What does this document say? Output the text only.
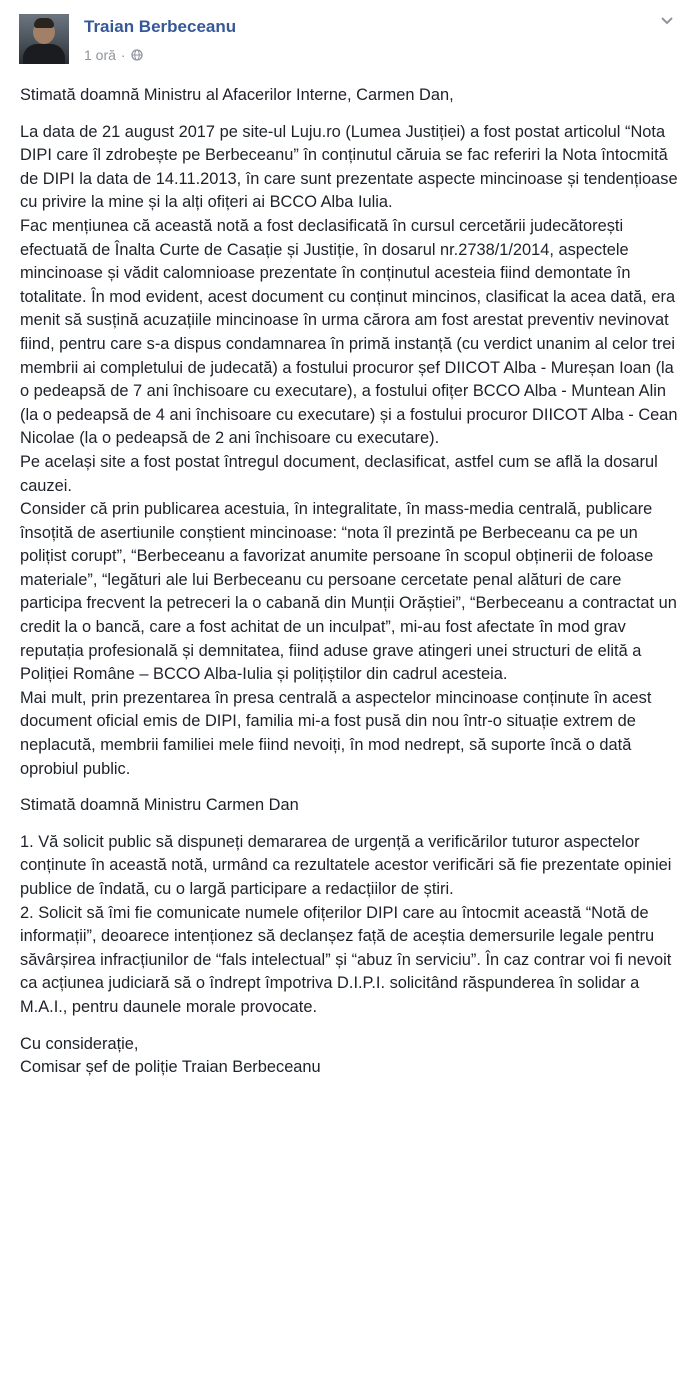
Traian Berbeceanu
1 oră ·

Stimată doamnă Ministru al Afacerilor Interne, Carmen Dan,

La data de 21 august 2017 pe site-ul Luju.ro (Lumea Justiției) a fost postat articolul “Nota DIPI care îl zdrobește pe Berbeceanu” în conținutul căruia se fac referiri la Nota întocmită de DIPI la data de 14.11.2013, în care sunt prezentate aspecte mincinoase și tendențioase cu privire la mine și la alți ofițeri ai BCCO Alba Iulia.

Fac mențiunea că această notă a fost declasificată în cursul cercetării judecătorești efectuată de Înalta Curte de Casație și Justiție, în dosarul nr.2738/1/2014, aspectele mincinoase și vădit calomnioase prezentate în conținutul acesteia fiind demontate în totalitate. În mod evident, acest document cu conținut mincinos, clasificat la acea dată, era menit să susțină acuzațiile mincinoase în urma cărora am fost arestat preventiv nevinovat fiind, pentru care s-a dispus condamnarea în primă instanță (cu verdict unanim al celor trei membrii ai completului de judecată) a fostului procuror șef DIICOT Alba - Mureșan Ioan (la o pedeapsă de 7 ani închisoare cu executare), a fostului ofițer BCCO Alba - Muntean Alin (la o pedeapsă de 4 ani închisoare cu executare) și a fostului procuror DIICOT Alba - Cean Nicolae (la o pedeapsă de 2 ani închisoare cu executare).

Pe același site a fost postat întregul document, declasificat, astfel cum se află la dosarul cauzei.

Consider că prin publicarea acestuia, în integralitate, în mass-media centrală, publicare însoțită de asertiunile conștient mincinoase: “nota îl prezintă pe Berbeceanu ca pe un polițist corupt”, “Berbeceanu a favorizat anumite persoane în scopul obținerii de foloase materiale”, “legături ale lui Berbeceanu cu persoane cercetate penal alături de care participa frecvent la petreceri la o cabană din Munții Orăștiei”, “Berbeceanu a contractat un credit la o bancă, care a fost achitat de un inculpat”, mi-au fost afectate în mod grav reputația profesională și demnitatea, fiind aduse grave atingeri unei structuri de elită a Poliției Române – BCCO Alba-Iulia și polițiștilor din cadrul acesteia.

Mai mult, prin prezentarea în presa centrală a aspectelor mincinoase conținute în acest document oficial emis de DIPI, familia mi-a fost pusă din nou într-o situație extrem de neplacută, membrii familiei mele fiind nevoiți, în mod nedrept, să suporte încă o dată oprobiul public.

Stimată doamnă Ministru Carmen Dan

1. Vă solicit public să dispuneți demararea de urgență a verificărilor tuturor aspectelor conținute în această notă, urmând ca rezultatele acestor verificări să fie prezentate opiniei publice de îndată, cu o largă participare a redacțiilor de știri.

2. Solicit să îmi fie comunicate numele ofițerilor DIPI care au întocmit această “Notă de informații”, deoarece intenționez să declanșez față de aceștia demersurile legale pentru săvârșirea infracțiunilor de “fals intelectual” și “abuz în serviciu”. În caz contrar voi fi nevoit ca acțiunea judiciară să o îndrept împotriva D.I.P.I. solicitând răspunderea în solidar a M.A.I., pentru daunele morale provocate.

Cu considerație,

Comisar șef de poliție Traian Berbeceanu
